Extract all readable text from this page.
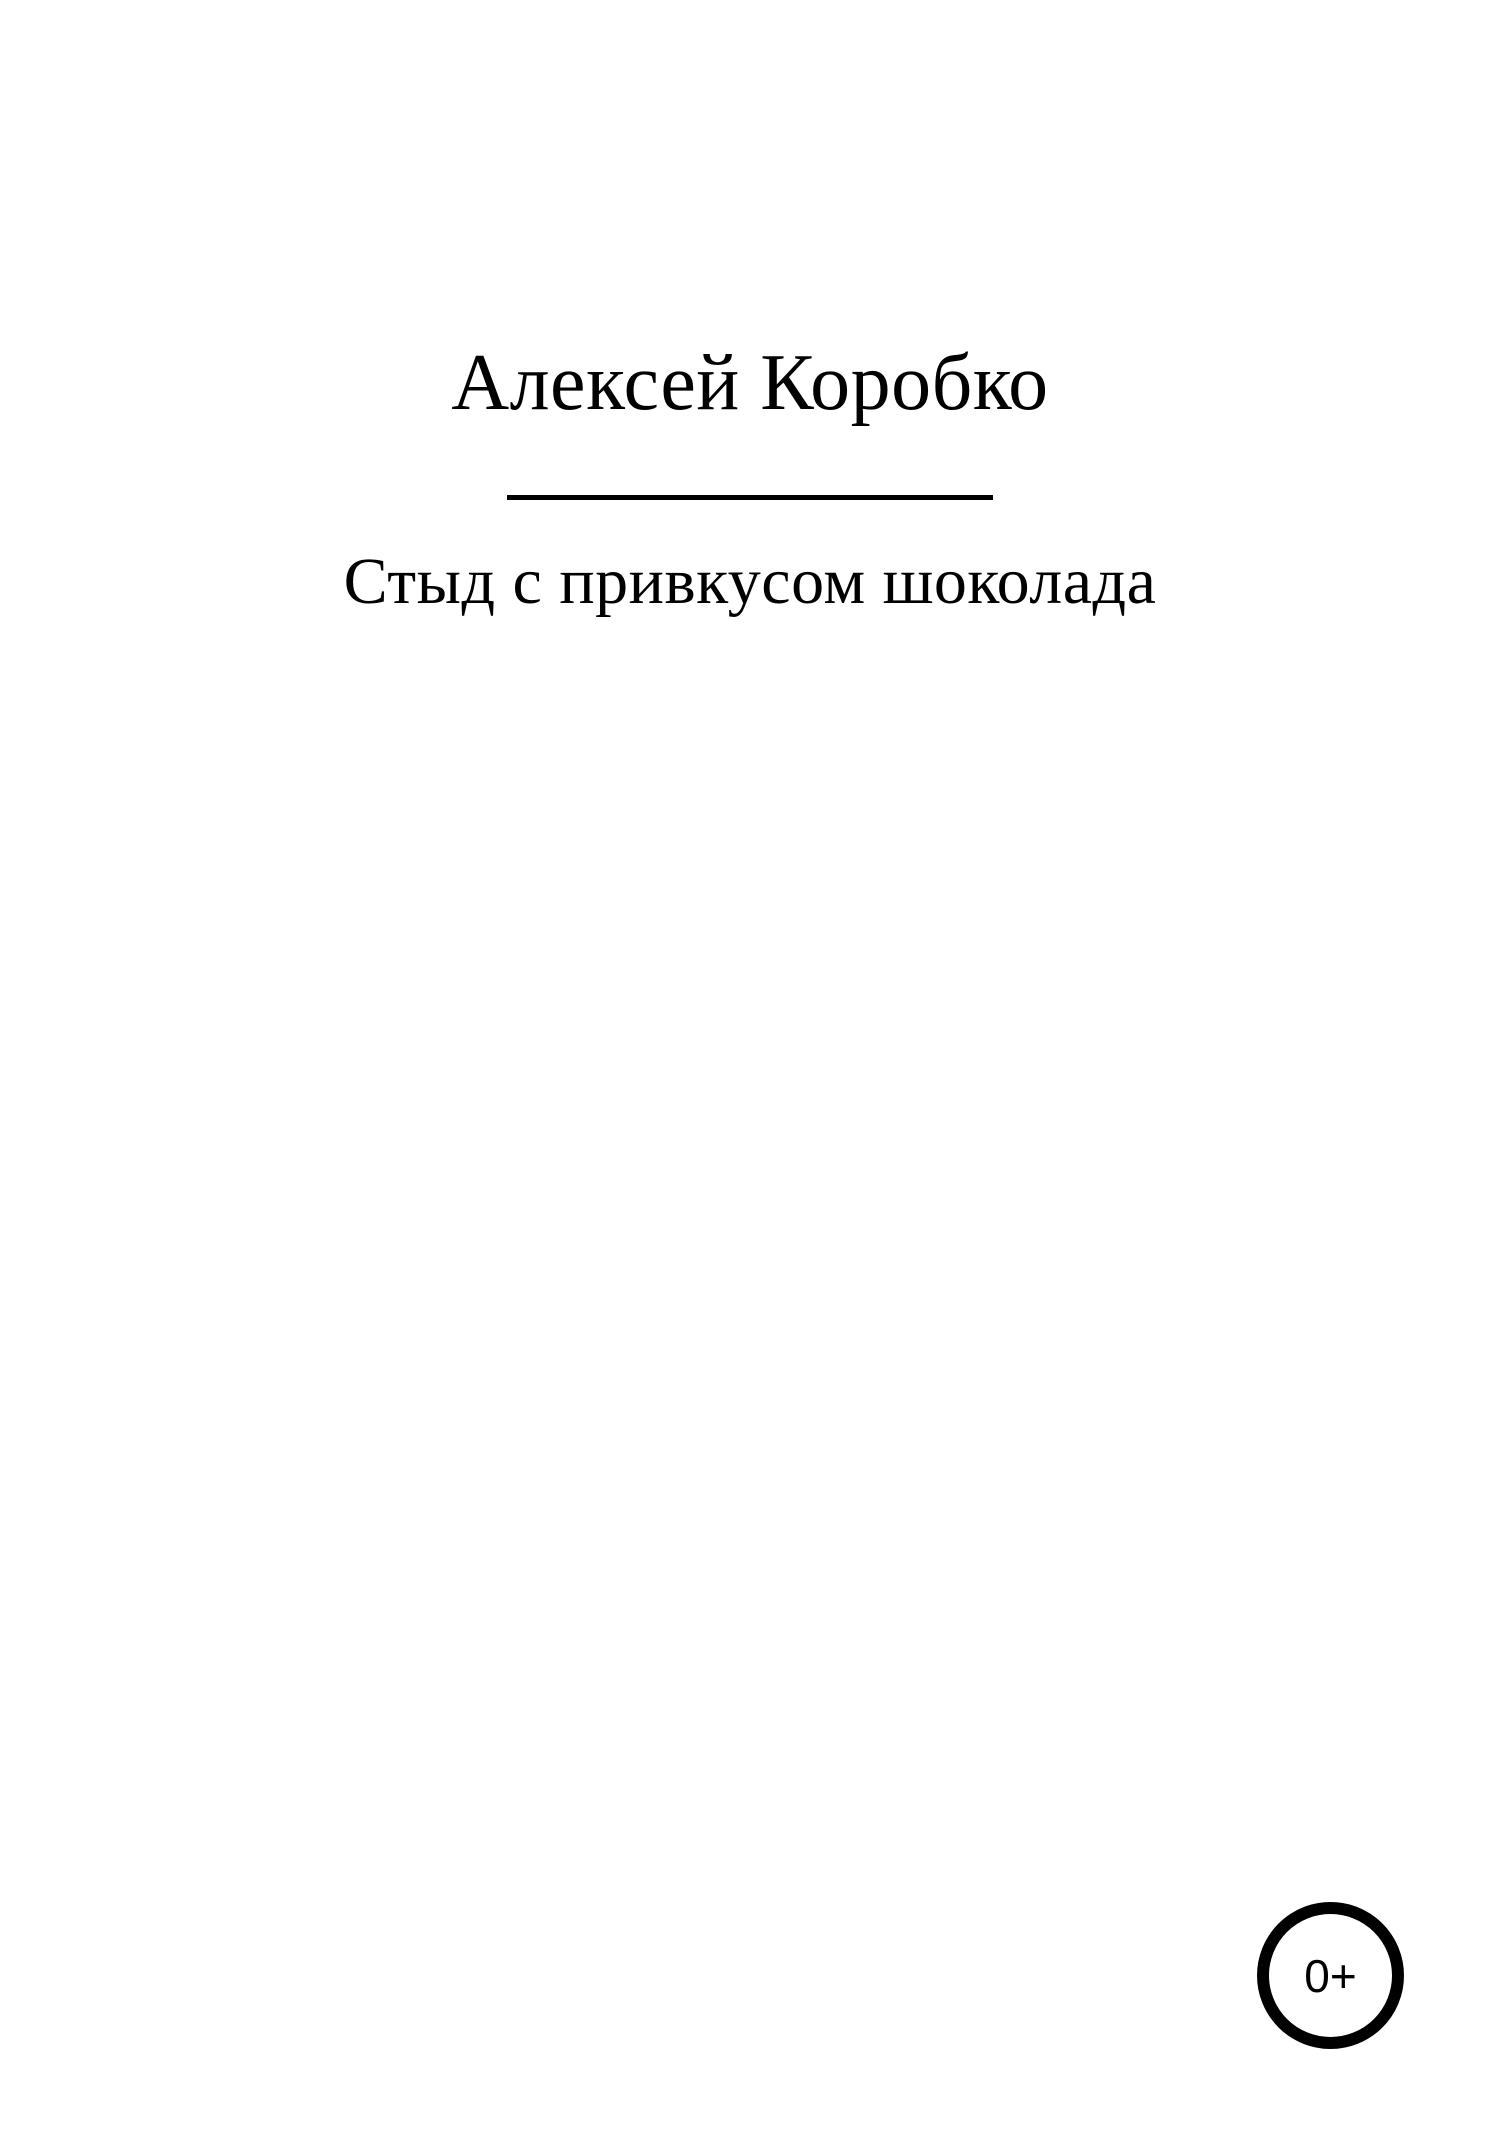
Алексей Коробко
Стыд с привкусом шоколада
0+
